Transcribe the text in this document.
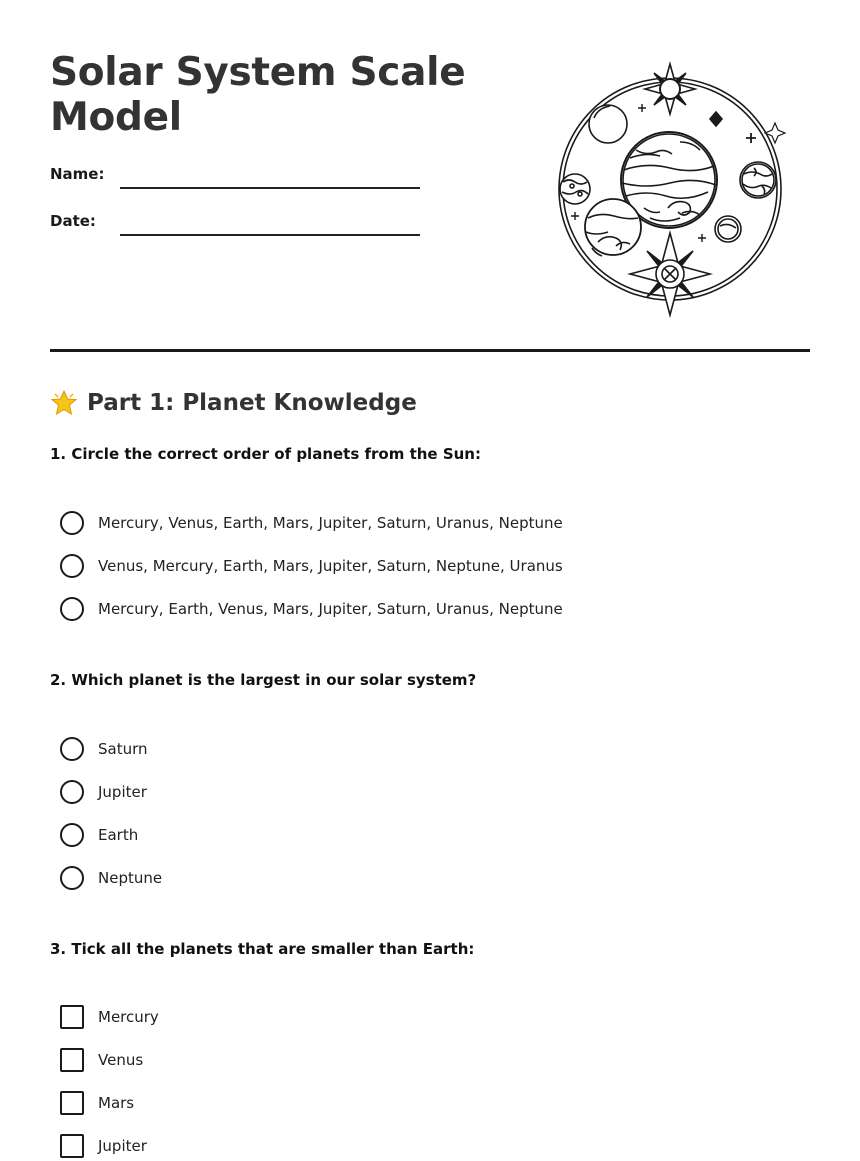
Solar System Scale Model
Name:
Date:
Part 1: Planet Knowledge

1. Circle the correct order of planets from the Sun:

Mercury, Venus, Earth, Mars, Jupiter, Saturn, Uranus, Neptune
Venus, Mercury, Earth, Mars, Jupiter, Saturn, Neptune, Uranus
Mercury, Earth, Venus, Mars, Jupiter, Saturn, Uranus, Neptune

2. Which planet is the largest in our solar system?

Saturn
Jupiter
Earth
Neptune

3. Tick all the planets that are smaller than Earth:

Mercury
Venus
Mars
Jupiter
